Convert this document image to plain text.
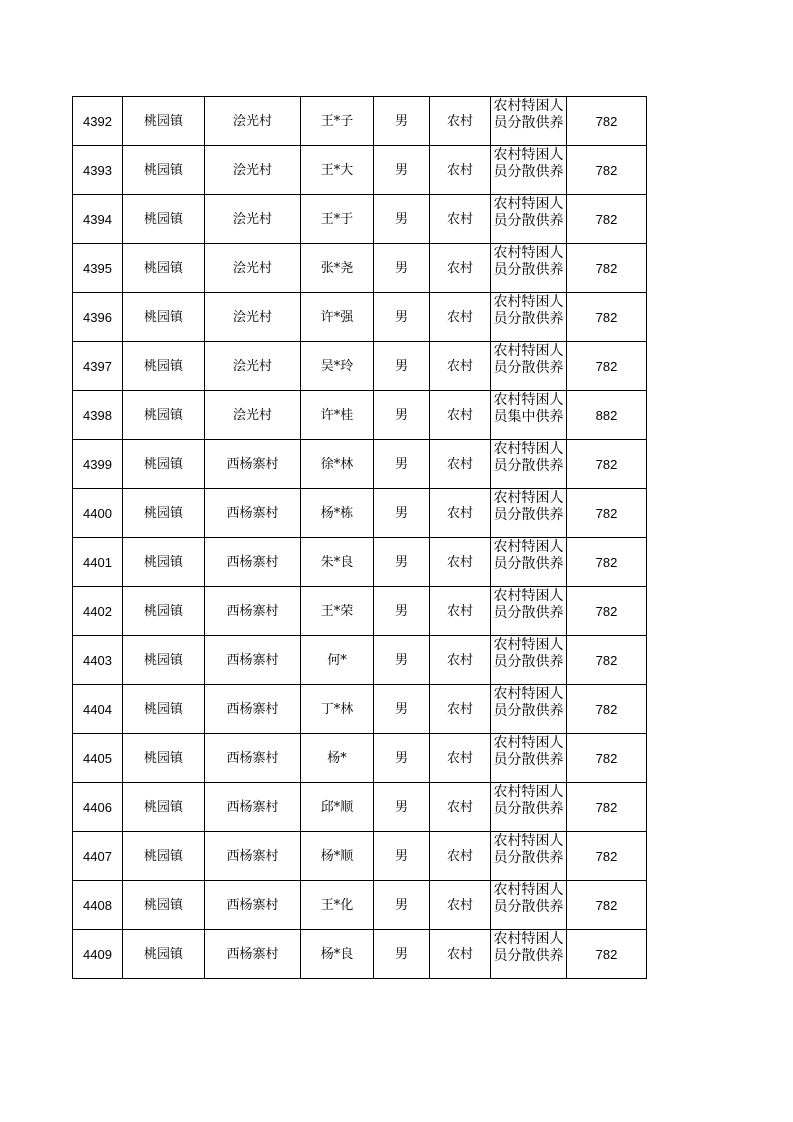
4392	桃园镇	浍光村	王*子	男	农村	农村特困人员分散供养	782
4393	桃园镇	浍光村	王*大	男	农村	农村特困人员分散供养	782
4394	桃园镇	浍光村	王*于	男	农村	农村特困人员分散供养	782
4395	桃园镇	浍光村	张*尧	男	农村	农村特困人员分散供养	782
4396	桃园镇	浍光村	许*强	男	农村	农村特困人员分散供养	782
4397	桃园镇	浍光村	吴*玲	男	农村	农村特困人员分散供养	782
4398	桃园镇	浍光村	许*桂	男	农村	农村特困人员集中供养	882
4399	桃园镇	西杨寨村	徐*林	男	农村	农村特困人员分散供养	782
4400	桃园镇	西杨寨村	杨*栋	男	农村	农村特困人员分散供养	782
4401	桃园镇	西杨寨村	朱*良	男	农村	农村特困人员分散供养	782
4402	桃园镇	西杨寨村	王*荣	男	农村	农村特困人员分散供养	782
4403	桃园镇	西杨寨村	何*	男	农村	农村特困人员分散供养	782
4404	桃园镇	西杨寨村	丁*林	男	农村	农村特困人员分散供养	782
4405	桃园镇	西杨寨村	杨*	男	农村	农村特困人员分散供养	782
4406	桃园镇	西杨寨村	邱*顺	男	农村	农村特困人员分散供养	782
4407	桃园镇	西杨寨村	杨*顺	男	农村	农村特困人员分散供养	782
4408	桃园镇	西杨寨村	王*化	男	农村	农村特困人员分散供养	782
4409	桃园镇	西杨寨村	杨*良	男	农村	农村特困人员分散供养	782
